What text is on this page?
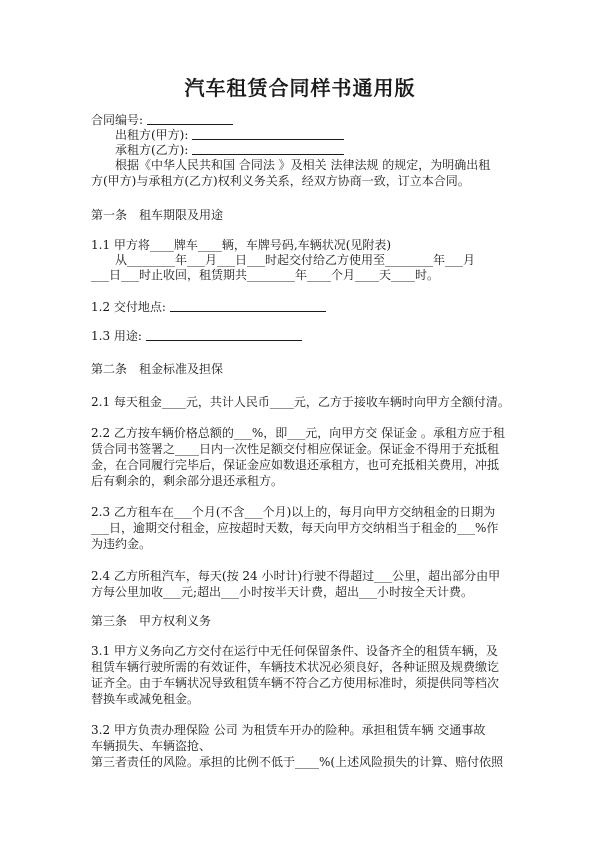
汽车租赁合同样书通用版
合同编号:
出租方(甲方):
承租方(乙方):
根据《中华人民共和国 合同法 》及相关 法律法规 的规定，为明确出租
方(甲方)与承租方(乙方)权利义务关系，经双方协商一致，订立本合同。
第一条　租车期限及用途
1.1 甲方将____牌车____辆，车牌号码,车辆状况(见附表)
从________年___月___日___时起交付给乙方使用至________年___月
___日___时止收回，租赁期共________年____个月____天____时。
1.2 交付地点:
1.3 用途:
第二条　租金标准及担保
2.1 每天租金____元，共计人民币____元，乙方于接收车辆时向甲方全额付清。
2.2 乙方按车辆价格总额的___%，即___元，向甲方交 保证金 。承租方应于租
赁合同书签署之____日内一次性足额交付相应保证金。保证金不得用于充抵租
金，在合同履行完毕后，保证金应如数退还承租方，也可充抵相关费用，冲抵
后有剩余的，剩余部分退还承租方。
2.3 乙方租车在___个月(不含___个月)以上的，每月向甲方交纳租金的日期为
___日，逾期交付租金，应按超时天数，每天向甲方交纳相当于租金的___%作
为违约金。
2.4 乙方所租汽车，每天(按 24 小时计)行驶不得超过___公里，超出部分由甲
方每公里加收___元;超出___小时按半天计费，超出___小时按全天计费。
第三条　甲方权利义务
3.1 甲方义务向乙方交付在运行中无任何保留条件、设备齐全的租赁车辆，及
租赁车辆行驶所需的有效证件，车辆技术状况必须良好，各种证照及规费缴讫
证齐全。由于车辆状况导致租赁车辆不符合乙方使用标准时，须提供同等档次
替换车或减免租金。
3.2 甲方负责办理保险 公司 为租赁车开办的险种。承担租赁车辆 交通事故
车辆损失、车辆盗抢、
第三者责任的风险。承担的比例不低于____%(上述风险损失的计算、赔付依照
